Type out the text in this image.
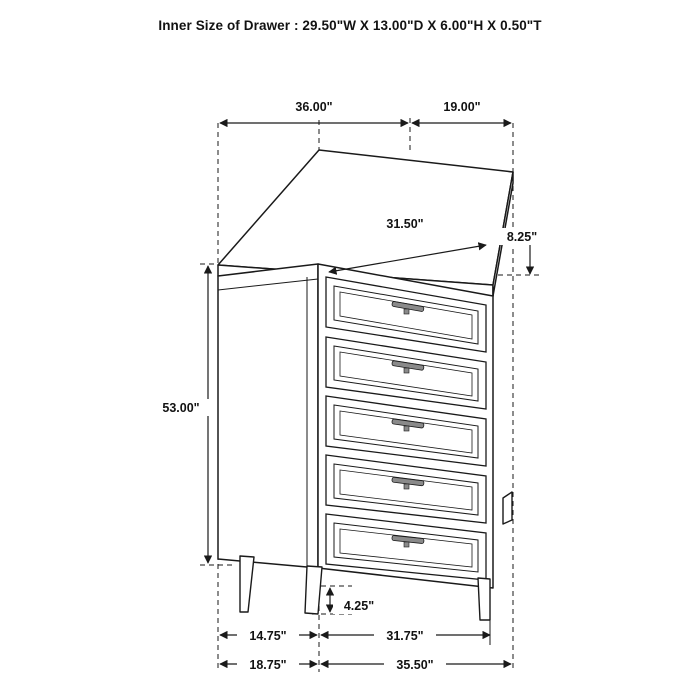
Inner Size of Drawer : 29.50"W X 13.00"D X 6.00"H X 0.50"T
36.00"	19.00"
31.50"
8.25"
53.00"
4.25"
14.75"	31.75"
18.75"	35.50"
